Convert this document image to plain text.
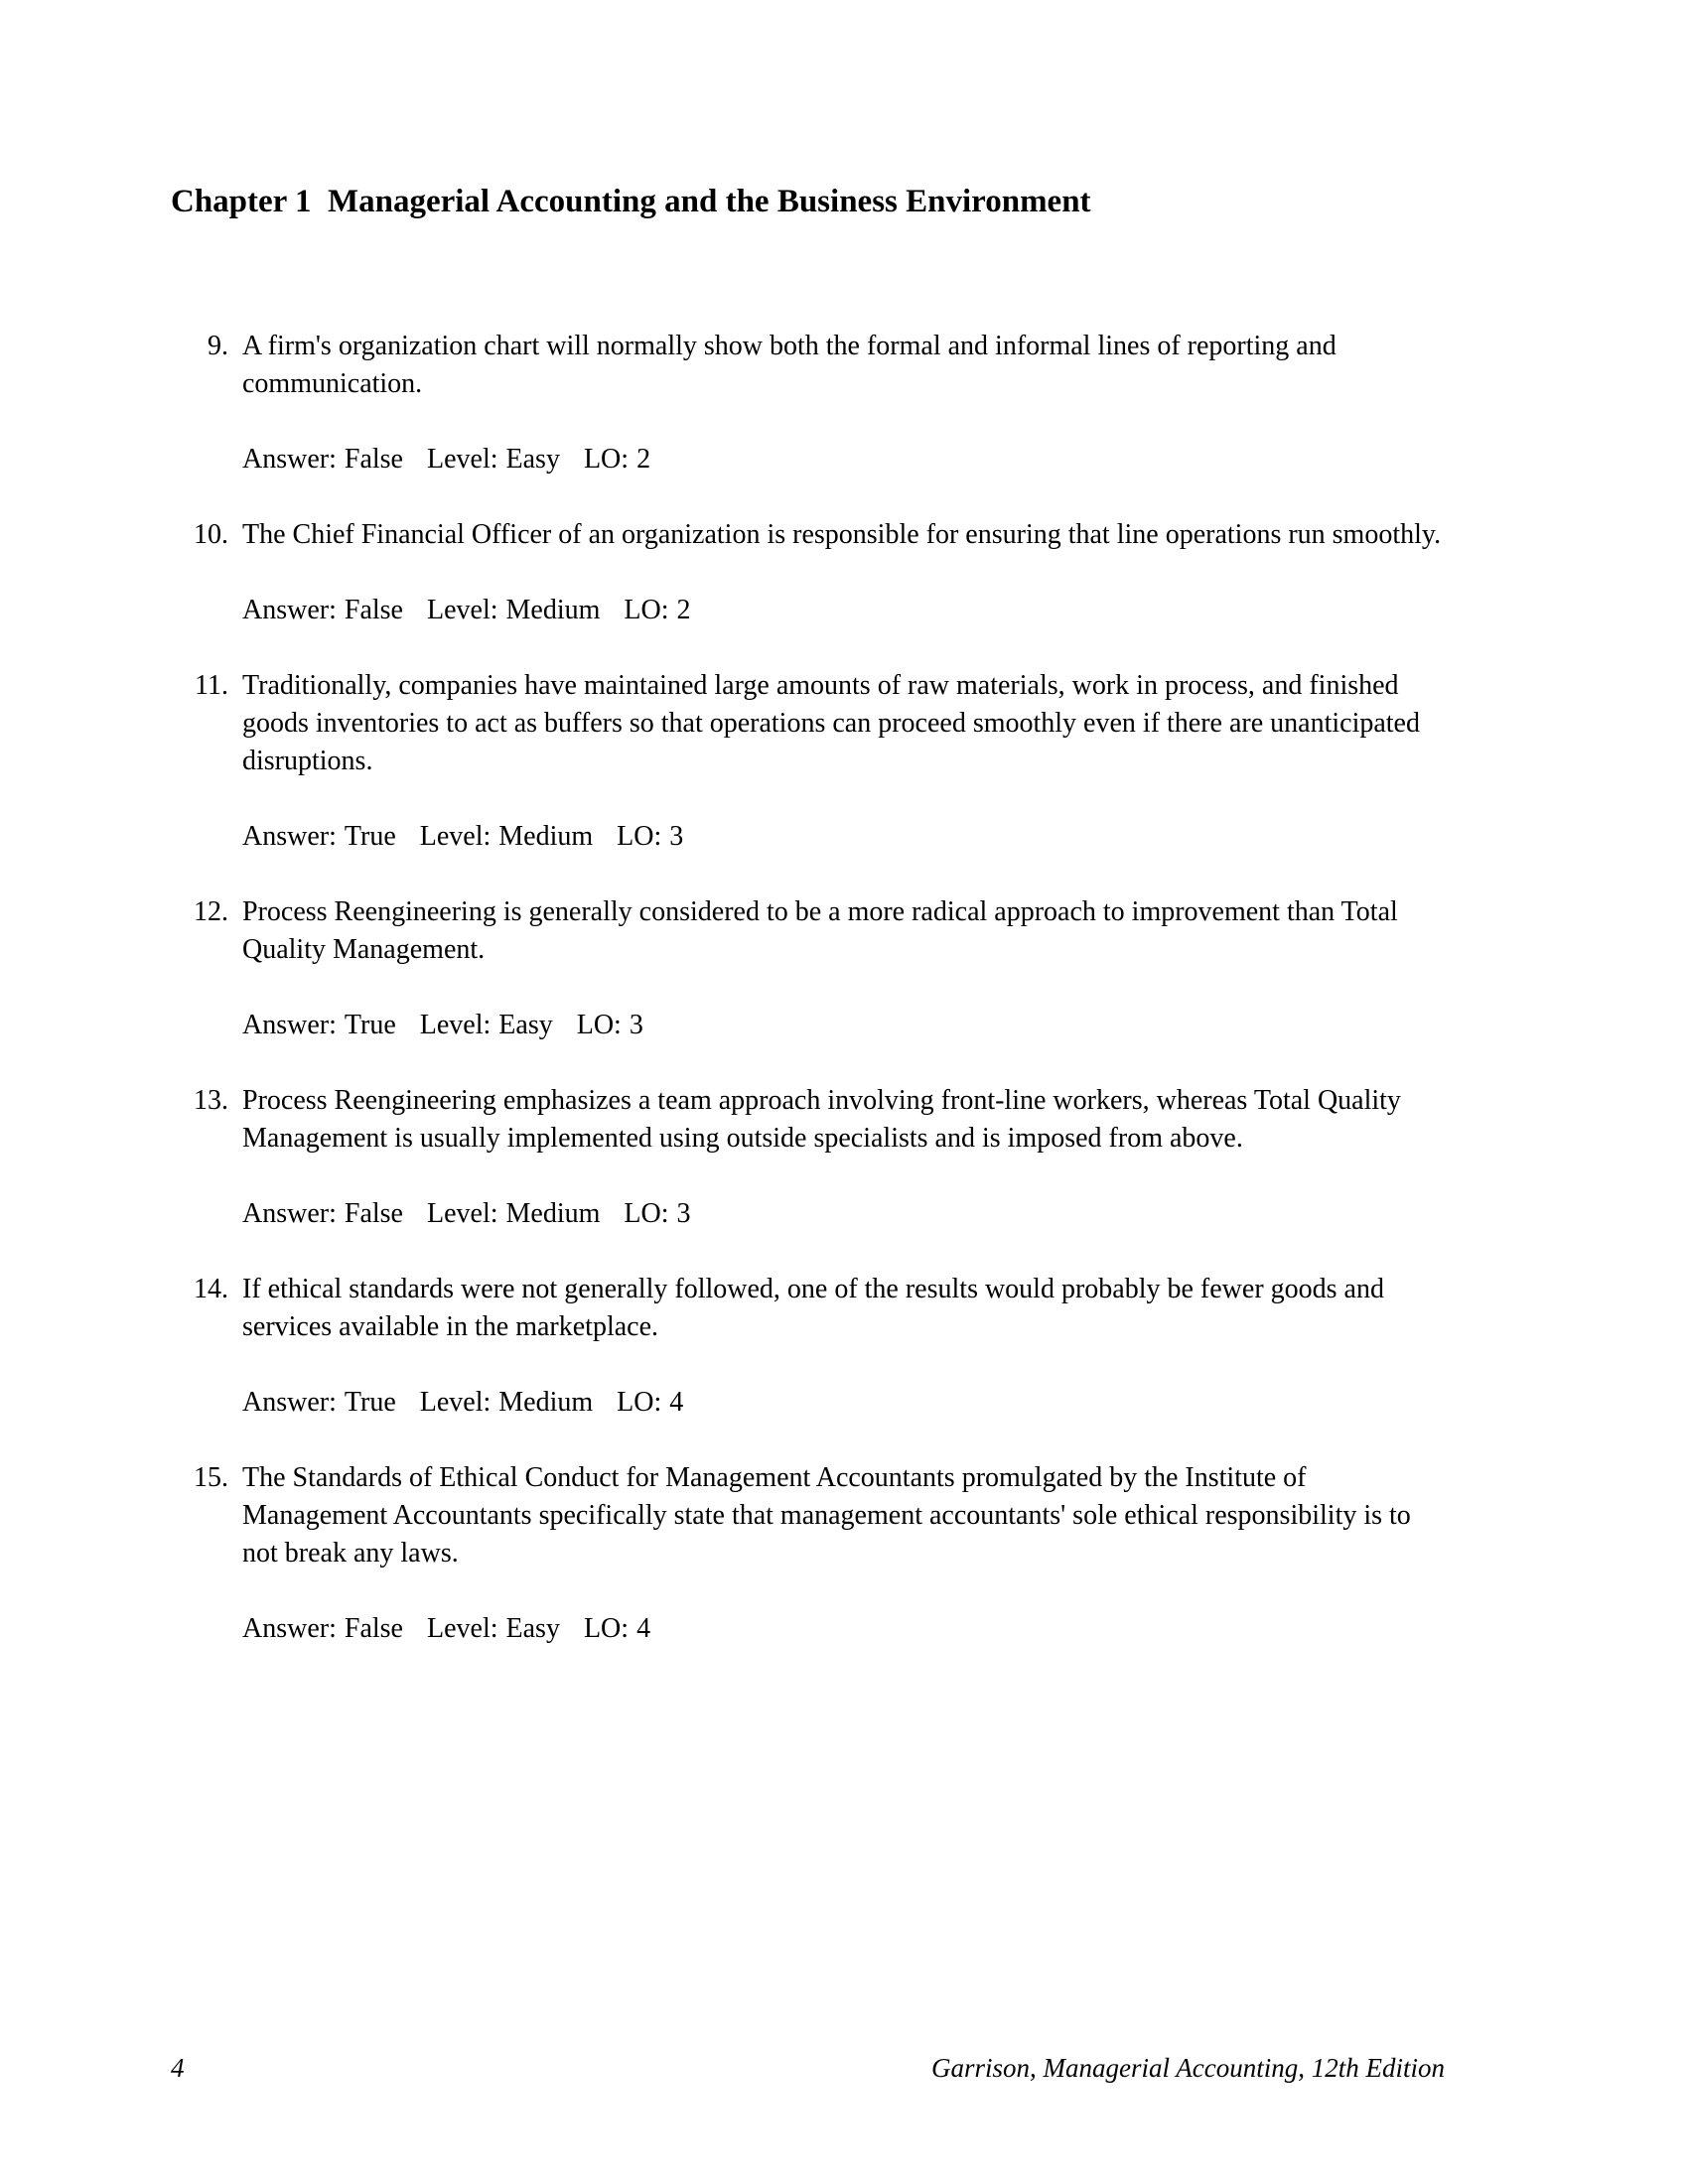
Chapter 1  Managerial Accounting and the Business Environment
9. A firm's organization chart will normally show both the formal and informal lines of reporting and communication.

Answer: False Level: Easy LO: 2

10. The Chief Financial Officer of an organization is responsible for ensuring that line operations run smoothly.

Answer: False Level: Medium LO: 2

11. Traditionally, companies have maintained large amounts of raw materials, work in process, and finished goods inventories to act as buffers so that operations can proceed smoothly even if there are unanticipated disruptions.

Answer: True Level: Medium LO: 3

12. Process Reengineering is generally considered to be a more radical approach to improvement than Total Quality Management.

Answer: True Level: Easy LO: 3

13. Process Reengineering emphasizes a team approach involving front-line workers, whereas Total Quality Management is usually implemented using outside specialists and is imposed from above.

Answer: False Level: Medium LO: 3

14. If ethical standards were not generally followed, one of the results would probably be fewer goods and services available in the marketplace.

Answer: True Level: Medium LO: 4

15. The Standards of Ethical Conduct for Management Accountants promulgated by the Institute of Management Accountants specifically state that management accountants' sole ethical responsibility is to not break any laws.

Answer: False Level: Easy LO: 4

4	Garrison, Managerial Accounting, 12th Edition
